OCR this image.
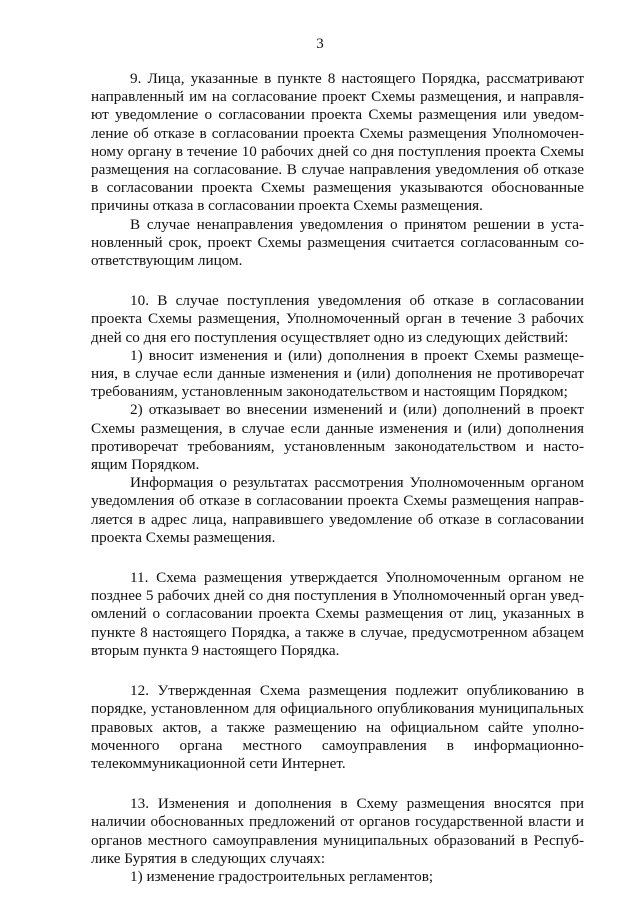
3

9. Лица, указанные в пункте 8 настоящего Порядка, рассматривают направленный им на согласование проект Схемы размещения, и направляют уведомление о согласовании проекта Схемы размещения или уведомление об отказе в согласовании проекта Схемы размещения Уполномоченному органу в течение 10 рабочих дней со дня поступления проекта Схемы размещения на согласование. В случае направления уведомления об отказе в согласовании проекта Схемы размещения указываются обоснованные причины отказа в согласовании проекта Схемы размещения.

В случае ненаправления уведомления о принятом решении в установленный срок, проект Схемы размещения считается согласованным соответствующим лицом.

10. В случае поступления уведомления об отказе в согласовании проекта Схемы размещения, Уполномоченный орган в течение 3 рабочих дней со дня его поступления осуществляет одно из следующих действий:

1) вносит изменения и (или) дополнения в проект Схемы размещения, в случае если данные изменения и (или) дополнения не противоречат требованиям, установленным законодательством и настоящим Порядком;

2) отказывает во внесении изменений и (или) дополнений в проект Схемы размещения, в случае если данные изменения и (или) дополнения противоречат требованиям, установленным законодательством и настоящим Порядком.

Информация о результатах рассмотрения Уполномоченным органом уведомления об отказе в согласовании проекта Схемы размещения направляется в адрес лица, направившего уведомление об отказе в согласовании проекта Схемы размещения.

11. Схема размещения утверждается Уполномоченным органом не позднее 5 рабочих дней со дня поступления в Уполномоченный орган уведомлений о согласовании проекта Схемы размещения от лиц, указанных в пункте 8 настоящего Порядка, а также в случае, предусмотренном абзацем вторым пункта 9 настоящего Порядка.

12. Утвержденная Схема размещения подлежит опубликованию в порядке, установленном для официального опубликования муниципальных правовых актов, а также размещению на официальном сайте уполномоченного органа местного самоуправления в информационно-телекоммуникационной сети Интернет.

13. Изменения и дополнения в Схему размещения вносятся при наличии обоснованных предложений от органов государственной власти и органов местного самоуправления муниципальных образований в Республике Бурятия в следующих случаях:

1) изменение градостроительных регламентов;
